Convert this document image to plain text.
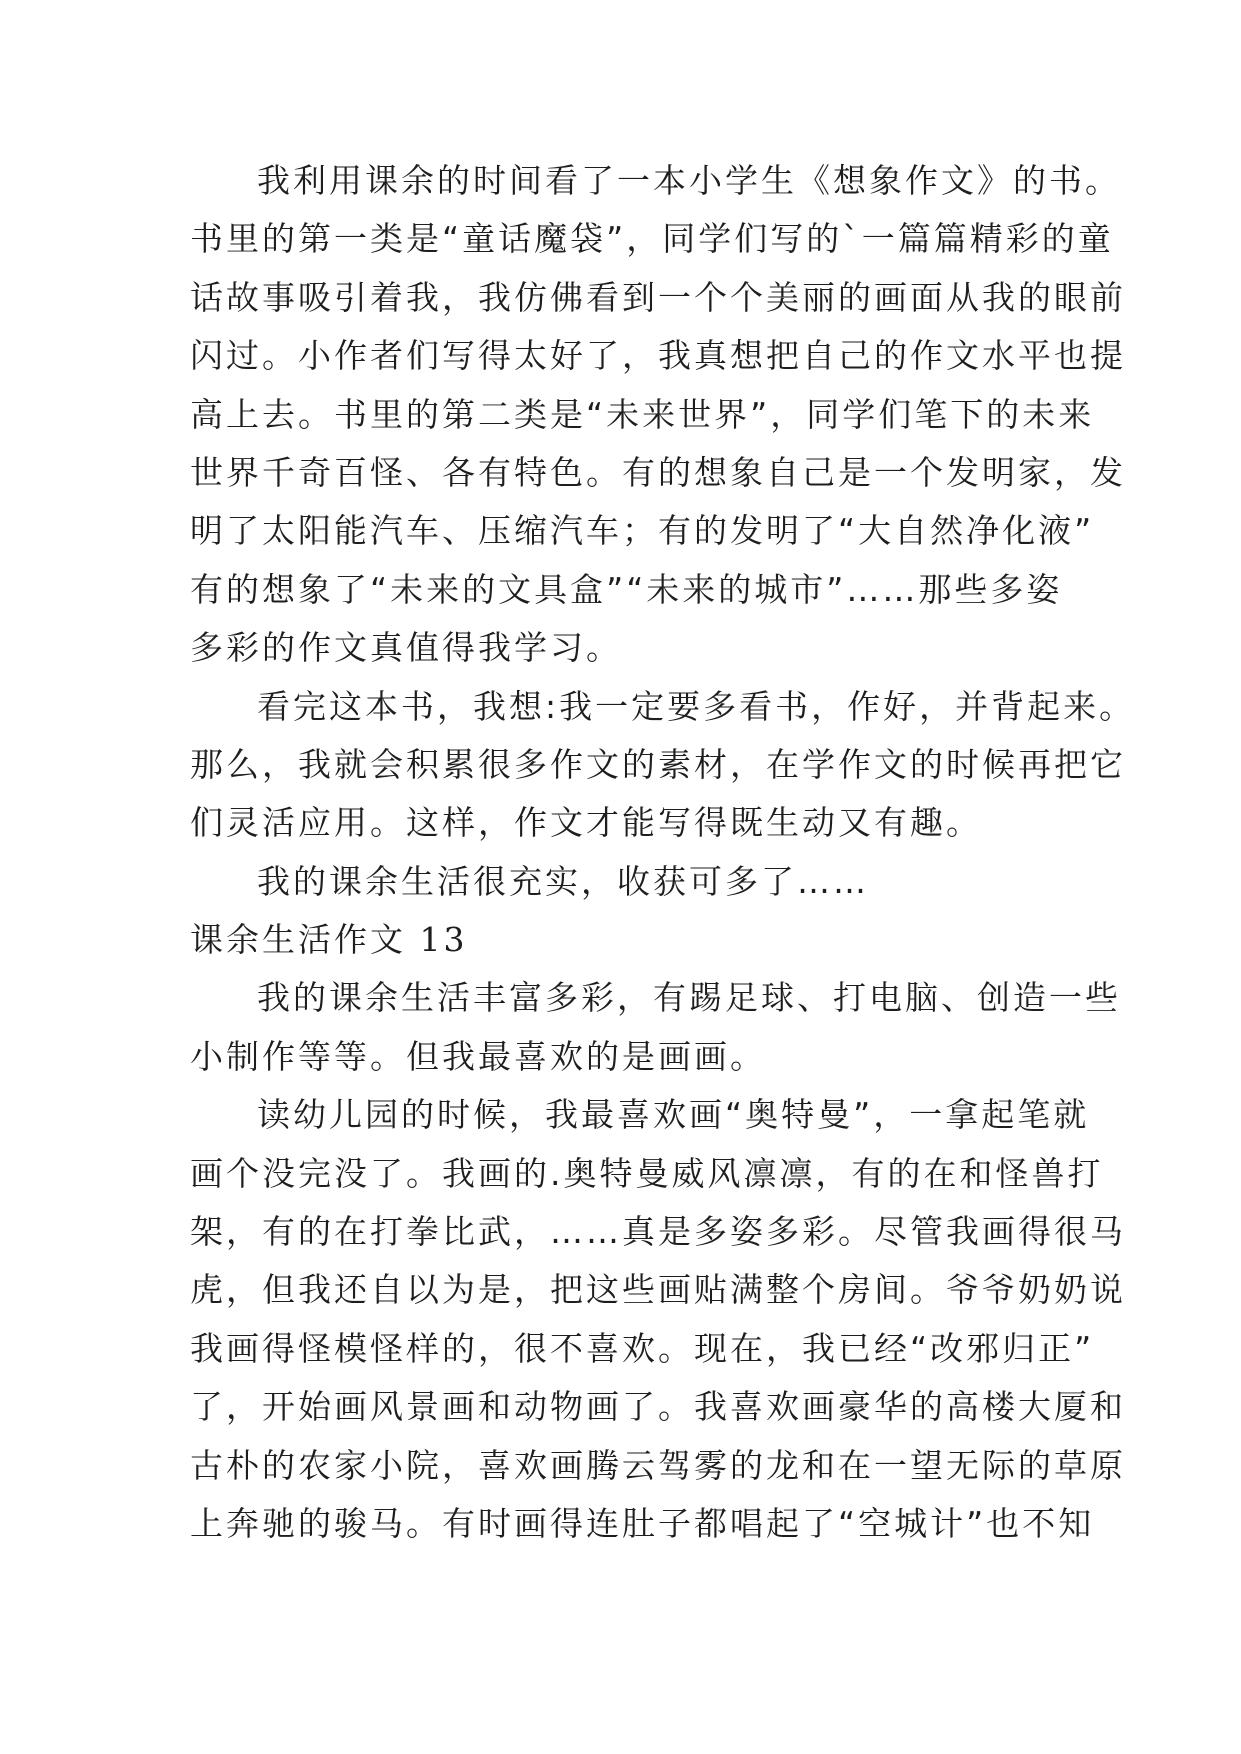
我利用课余的时间看了一本小学生《想象作文》的书。
书里的第一类是“童话魔袋”，同学们写的`一篇篇精彩的童
话故事吸引着我，我仿佛看到一个个美丽的画面从我的眼前
闪过。小作者们写得太好了，我真想把自己的作文水平也提
高上去。书里的第二类是“未来世界”，同学们笔下的未来
世界千奇百怪、各有特色。有的想象自己是一个发明家，发
明了太阳能汽车、压缩汽车；有的发明了“大自然净化液”
有的想象了“未来的文具盒”“未来的城市”……那些多姿
多彩的作文真值得我学习。
看完这本书，我想:我一定要多看书，作好，并背起来。
那么，我就会积累很多作文的素材，在学作文的时候再把它
们灵活应用。这样，作文才能写得既生动又有趣。
我的课余生活很充实，收获可多了……
课余生活作文 13
我的课余生活丰富多彩，有踢足球、打电脑、创造一些
小制作等等。但我最喜欢的是画画。
读幼儿园的时候，我最喜欢画“奥特曼”，一拿起笔就
画个没完没了。我画的.奥特曼威风凛凛，有的在和怪兽打
架，有的在打拳比武，……真是多姿多彩。尽管我画得很马
虎，但我还自以为是，把这些画贴满整个房间。爷爷奶奶说
我画得怪模怪样的，很不喜欢。现在，我已经“改邪归正”
了，开始画风景画和动物画了。我喜欢画豪华的高楼大厦和
古朴的农家小院，喜欢画腾云驾雾的龙和在一望无际的草原
上奔驰的骏马。有时画得连肚子都唱起了“空城计”也不知
